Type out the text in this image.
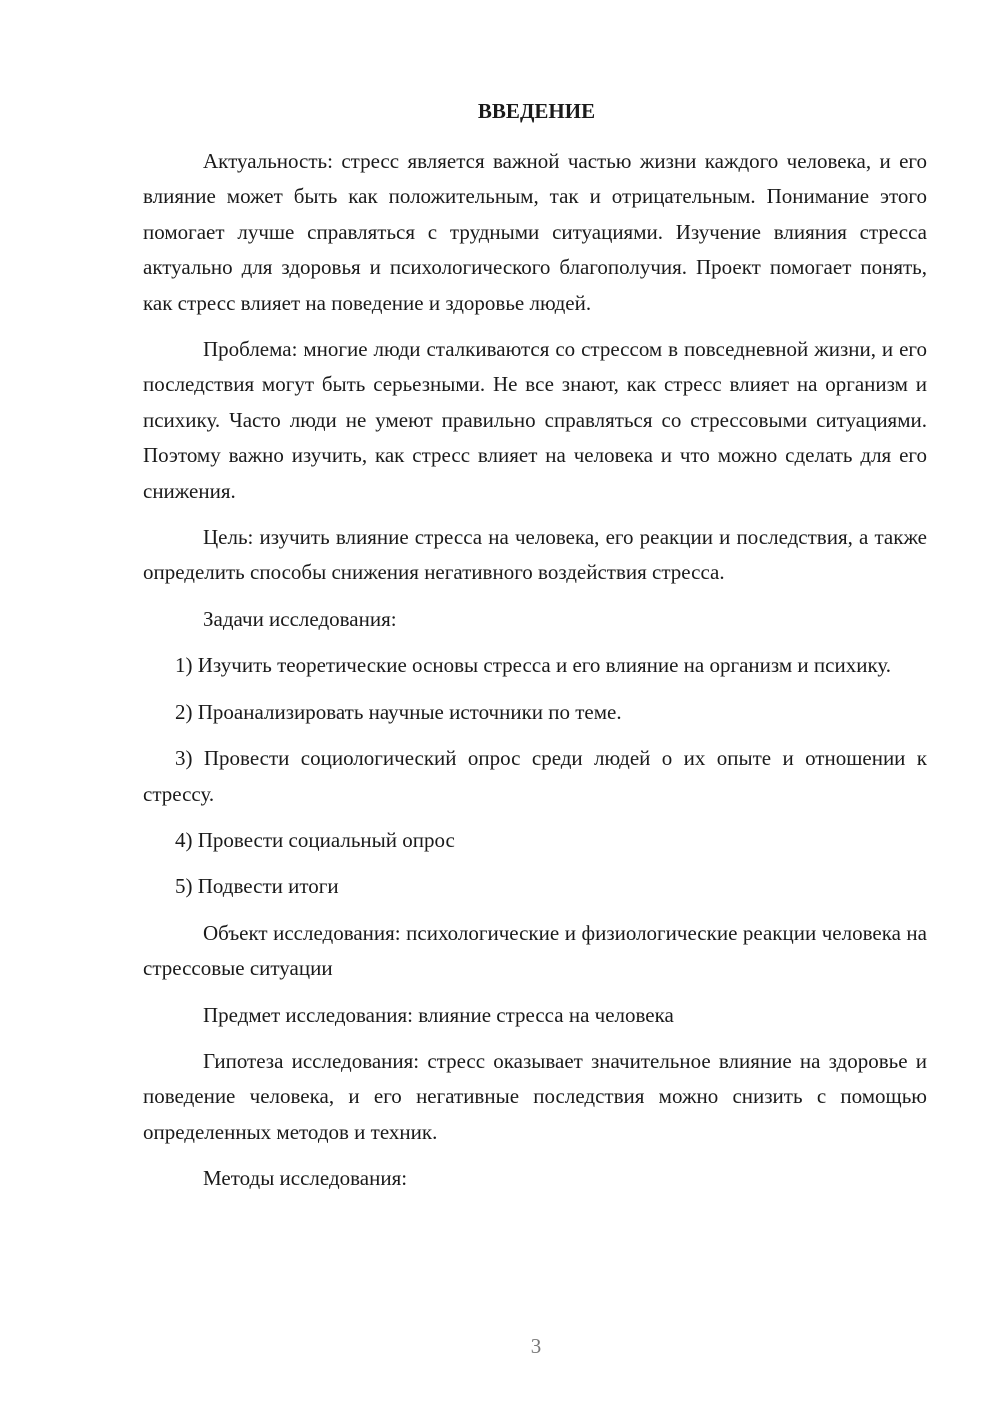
ВВЕДЕНИЕ

Актуальность: стресс является важной частью жизни каждого человека, и его влияние может быть как положительным, так и отрицательным. Понимание этого помогает лучше справляться с трудными ситуациями. Изучение влияния стресса актуально для здоровья и психологического благополучия. Проект помогает понять, как стресс влияет на поведение и здоровье людей.

Проблема: многие люди сталкиваются со стрессом в повседневной жизни, и его последствия могут быть серьезными. Не все знают, как стресс влияет на организм и психику. Часто люди не умеют правильно справляться со стрессовыми ситуациями. Поэтому важно изучить, как стресс влияет на человека и что можно сделать для его снижения.

Цель: изучить влияние стресса на человека, его реакции и последствия, а также определить способы снижения негативного воздействия стресса.

Задачи исследования:

1) Изучить теоретические основы стресса и его влияние на организм и психику.

2) Проанализировать научные источники по теме.

3) Провести социологический опрос среди людей о их опыте и отношении к стрессу.

4) Провести социальный опрос

5) Подвести итоги

Объект исследования: психологические и физиологические реакции человека на стрессовые ситуации

Предмет исследования: влияние стресса на человека

Гипотеза исследования: стресс оказывает значительное влияние на здоровье и поведение человека, и его негативные последствия можно снизить с помощью определенных методов и техник.

Методы исследования:

3
